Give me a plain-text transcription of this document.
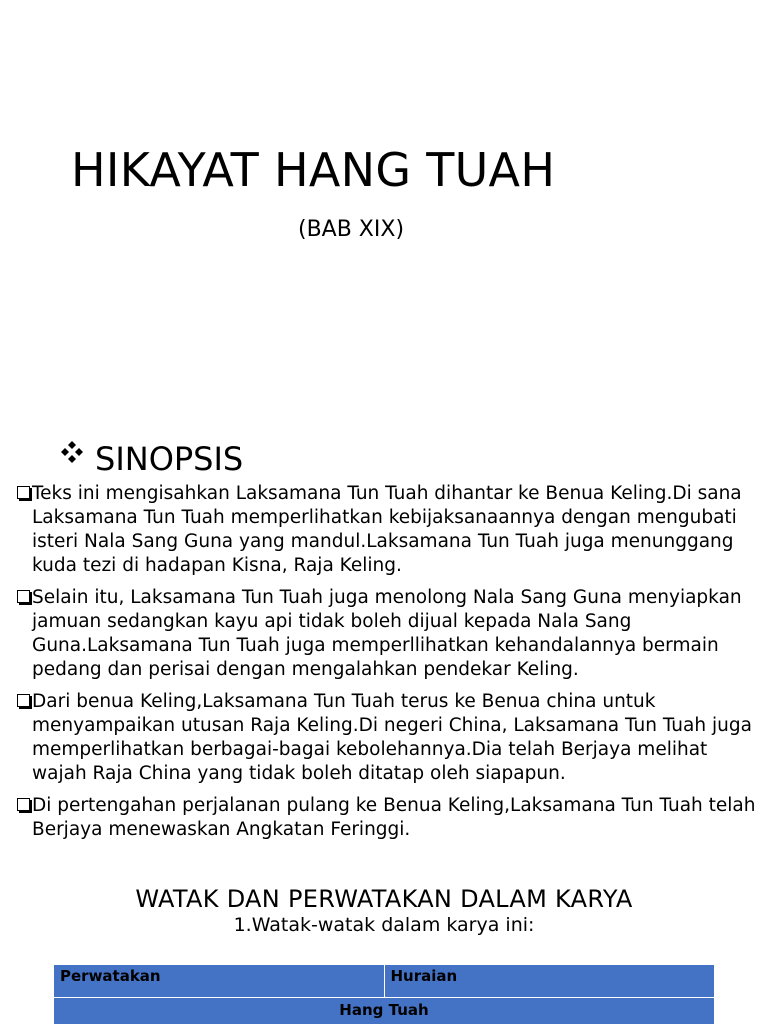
HIKAYAT HANG TUAH
(BAB XIX)
SINOPSIS
Teks ini mengisahkan Laksamana Tun Tuah dihantar ke Benua Keling.Di sana Laksamana Tun Tuah memperlihatkan kebijaksanaannya dengan mengubati isteri Nala Sang Guna yang mandul.Laksamana Tun Tuah juga menunggang kuda tezi di hadapan Kisna, Raja Keling.
Selain itu, Laksamana Tun Tuah juga menolong Nala Sang Guna menyiapkan jamuan sedangkan kayu api tidak boleh dijual kepada Nala Sang Guna.Laksamana Tun Tuah juga memperllihatkan kehandalannya bermain pedang dan perisai dengan mengalahkan pendekar Keling.
Dari benua Keling,Laksamana Tun Tuah terus ke Benua china untuk menyampaikan utusan Raja Keling.Di negeri China, Laksamana Tun Tuah juga memperlihatkan berbagai-bagai kebolehannya.Dia telah Berjaya melihat wajah Raja China yang tidak boleh ditatap oleh siapapun.
Di pertengahan perjalanan pulang ke Benua Keling,Laksamana Tun Tuah telah Berjaya menewaskan Angkatan Feringgi.
WATAK DAN PERWATAKAN DALAM KARYA
1.Watak-watak dalam karya ini:
Perwatakan	Huraian
Hang Tuah
